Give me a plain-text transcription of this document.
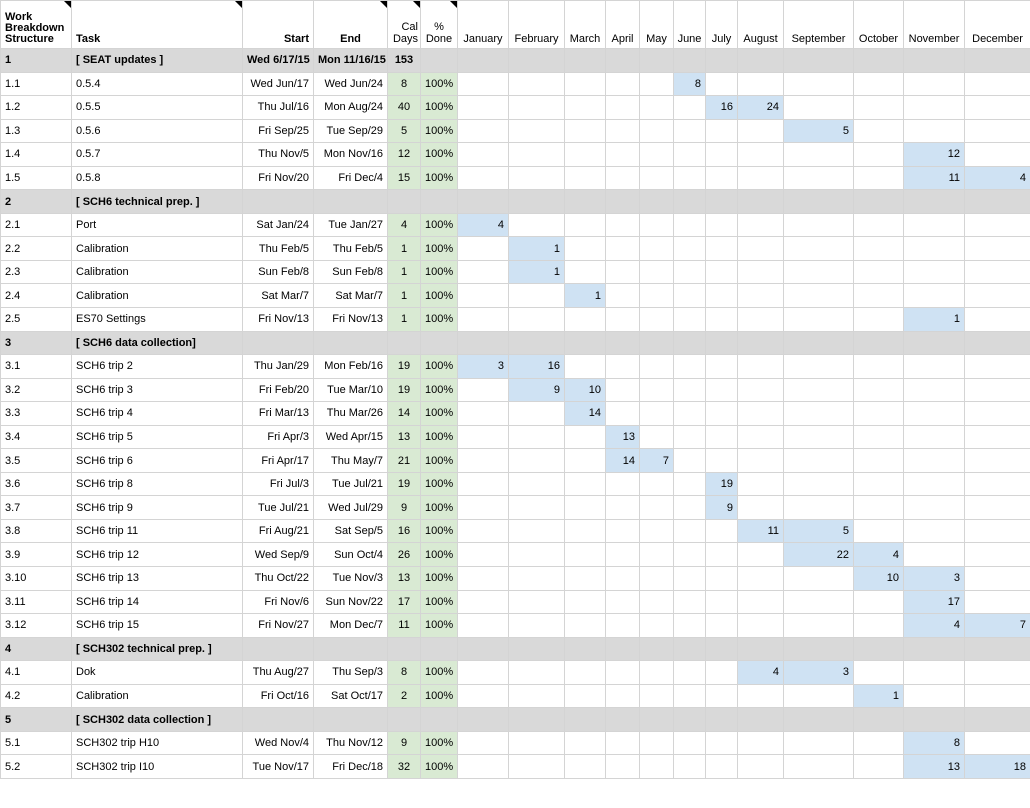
Work Breakdown Structure	Task	Start	End	Cal Days	% Done	January	February	March	April	May	June	July	August	September	October	November	December
1	[ SEAT updates ]	Wed 6/17/15	Mon 11/16/15	153													
1.1	0.5.4	Wed Jun/17	Wed Jun/24	8	100%						8						
1.2	0.5.5	Thu Jul/16	Mon Aug/24	40	100%							16	24				
1.3	0.5.6	Fri Sep/25	Tue Sep/29	5	100%									5			
1.4	0.5.7	Thu Nov/5	Mon Nov/16	12	100%											12	
1.5	0.5.8	Fri Nov/20	Fri Dec/4	15	100%											11	4
2	[ SCH6 technical prep. ]																
2.1	Port	Sat Jan/24	Tue Jan/27	4	100%	4											
2.2	Calibration	Thu Feb/5	Thu Feb/5	1	100%		1										
2.3	Calibration	Sun Feb/8	Sun Feb/8	1	100%		1										
2.4	Calibration	Sat Mar/7	Sat Mar/7	1	100%			1									
2.5	ES70 Settings	Fri Nov/13	Fri Nov/13	1	100%											1	
3	[ SCH6 data collection]																
3.1	SCH6 trip 2	Thu Jan/29	Mon Feb/16	19	100%	3	16										
3.2	SCH6 trip 3	Fri Feb/20	Tue Mar/10	19	100%		9	10									
3.3	SCH6 trip 4	Fri Mar/13	Thu Mar/26	14	100%			14									
3.4	SCH6 trip 5	Fri Apr/3	Wed Apr/15	13	100%				13								
3.5	SCH6 trip 6	Fri Apr/17	Thu May/7	21	100%				14	7							
3.6	SCH6 trip 8	Fri Jul/3	Tue Jul/21	19	100%							19					
3.7	SCH6 trip 9	Tue Jul/21	Wed Jul/29	9	100%							9					
3.8	SCH6 trip 11	Fri Aug/21	Sat Sep/5	16	100%								11	5			
3.9	SCH6 trip 12	Wed Sep/9	Sun Oct/4	26	100%									22	4		
3.10	SCH6 trip 13	Thu Oct/22	Tue Nov/3	13	100%										10	3	
3.11	SCH6 trip 14	Fri Nov/6	Sun Nov/22	17	100%											17	
3.12	SCH6 trip 15	Fri Nov/27	Mon Dec/7	11	100%											4	7
4	[ SCH302 technical prep. ]																
4.1	Dok	Thu Aug/27	Thu Sep/3	8	100%								4	3			
4.2	Calibration	Fri Oct/16	Sat Oct/17	2	100%										1		
5	[ SCH302 data collection ]																
5.1	SCH302 trip H10	Wed Nov/4	Thu Nov/12	9	100%											8	
5.2	SCH302 trip I10	Tue Nov/17	Fri Dec/18	32	100%											13	18
